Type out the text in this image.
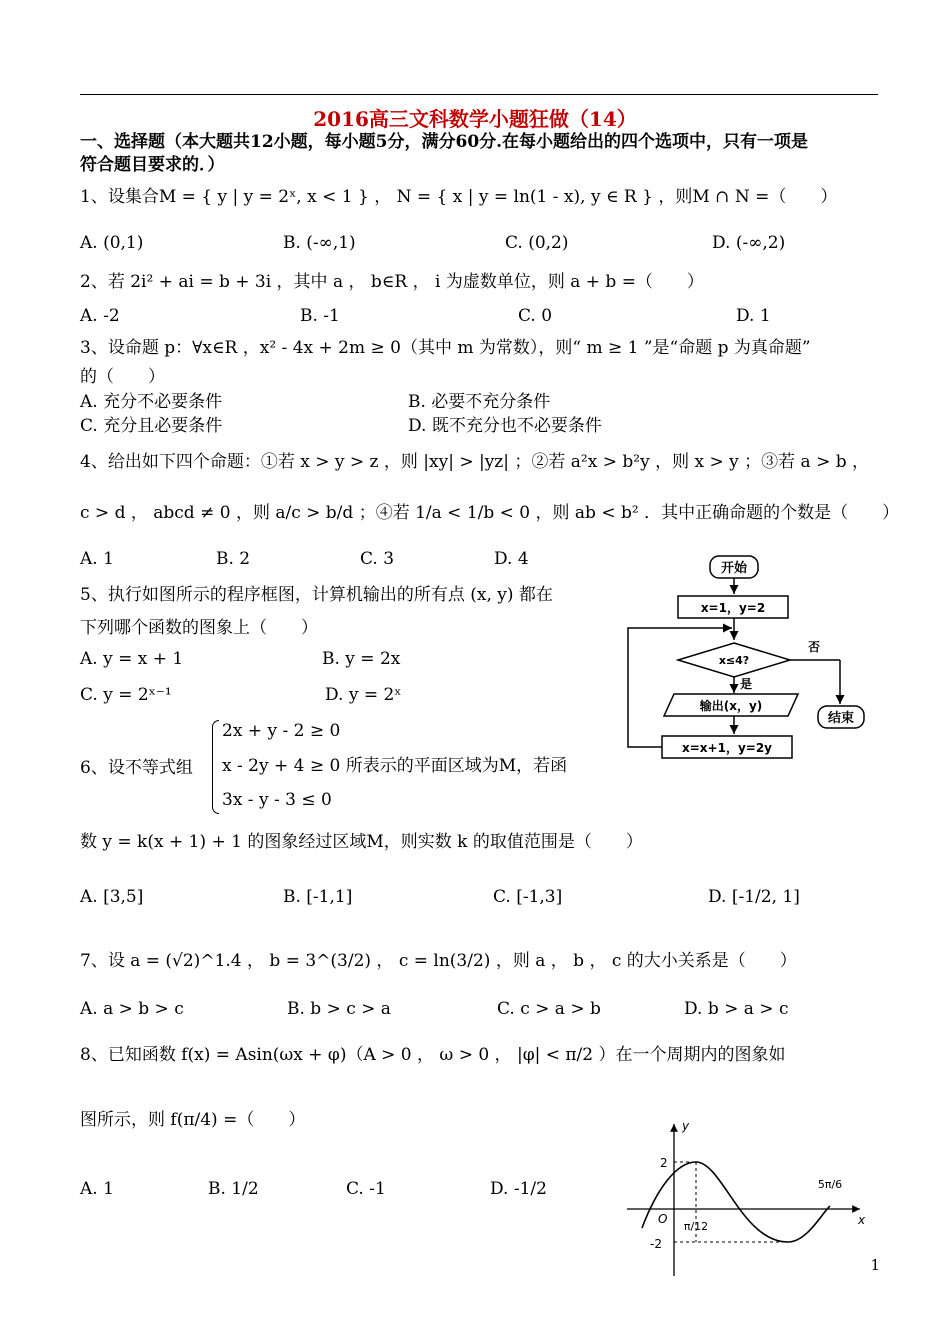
2016高三文科数学小题狂做（14）
一、选择题（本大题共12小题，每小题5分，满分60分.在每小题给出的四个选项中，只有一项是
符合题目要求的．）
1、设集合M = { y | y = 2ˣ, x < 1 } ， N = { x | y = ln(1 - x), y ∈ R } ，则M ∩ N =（　　）
A. (0,1)	B. (-∞,1)	C. (0,2)	D. (-∞,2)
2、若 2i² + ai = b + 3i ，其中 a ， b∈R ， i 为虚数单位，则 a + b =（　　）
A. -2	B. -1	C. 0	D. 1
3、设命题 p：∀x∈R ，x² - 4x + 2m ≥ 0（其中 m 为常数），则“ m ≥ 1 ”是“命题 p 为真命题”
的（　　）
A. 充分不必要条件	B. 必要不充分条件
C. 充分且必要条件	D. 既不充分也不必要条件
4、给出如下四个命题：①若 x > y > z ，则 |xy| > |yz| ；②若 a²x > b²y ，则 x > y ；③若 a > b ，
c > d ， abcd ≠ 0 ，则 a/c > b/d ；④若 1/a < 1/b < 0 ，则 ab < b² ．其中正确命题的个数是（　　）
A. 1	B. 2	C. 3	D. 4
5、执行如图所示的程序框图，计算机输出的所有点 (x, y) 都在
下列哪个函数的图象上（　　）
A. y = x + 1	B. y = 2x
C. y = 2ˣ⁻¹	D. y = 2ˣ
6、设不等式组
2x + y - 2 ≥ 0
x - 2y + 4 ≥ 0 所表示的平面区域为M，若函
3x - y - 3 ≤ 0
数 y = k(x + 1) + 1 的图象经过区域M，则实数 k 的取值范围是（　　）
A. [3,5]	B. [-1,1]	C. [-1,3]	D. [-1/2, 1]
7、设 a = (√2)^1.4 ， b = 3^(3/2) ， c = ln(3/2) ，则 a ， b ， c 的大小关系是（　　）
A. a > b > c	B. b > c > a	C. c > a > b	D. b > a > c
8、已知函数 f(x) = Asin(ωx + φ)（A > 0 ， ω > 0 ， |φ| < π/2 ）在一个周期内的图象如
图所示，则 f(π/4) =（　　）
A. 1	B. 1/2	C. -1	D. -1/2
开始
x=1，y=2
x≤4?
否
结束
是
输出(x，y)
x=x+1，y=2y
y
x
O
2
-2
π/12
5π/6
1
